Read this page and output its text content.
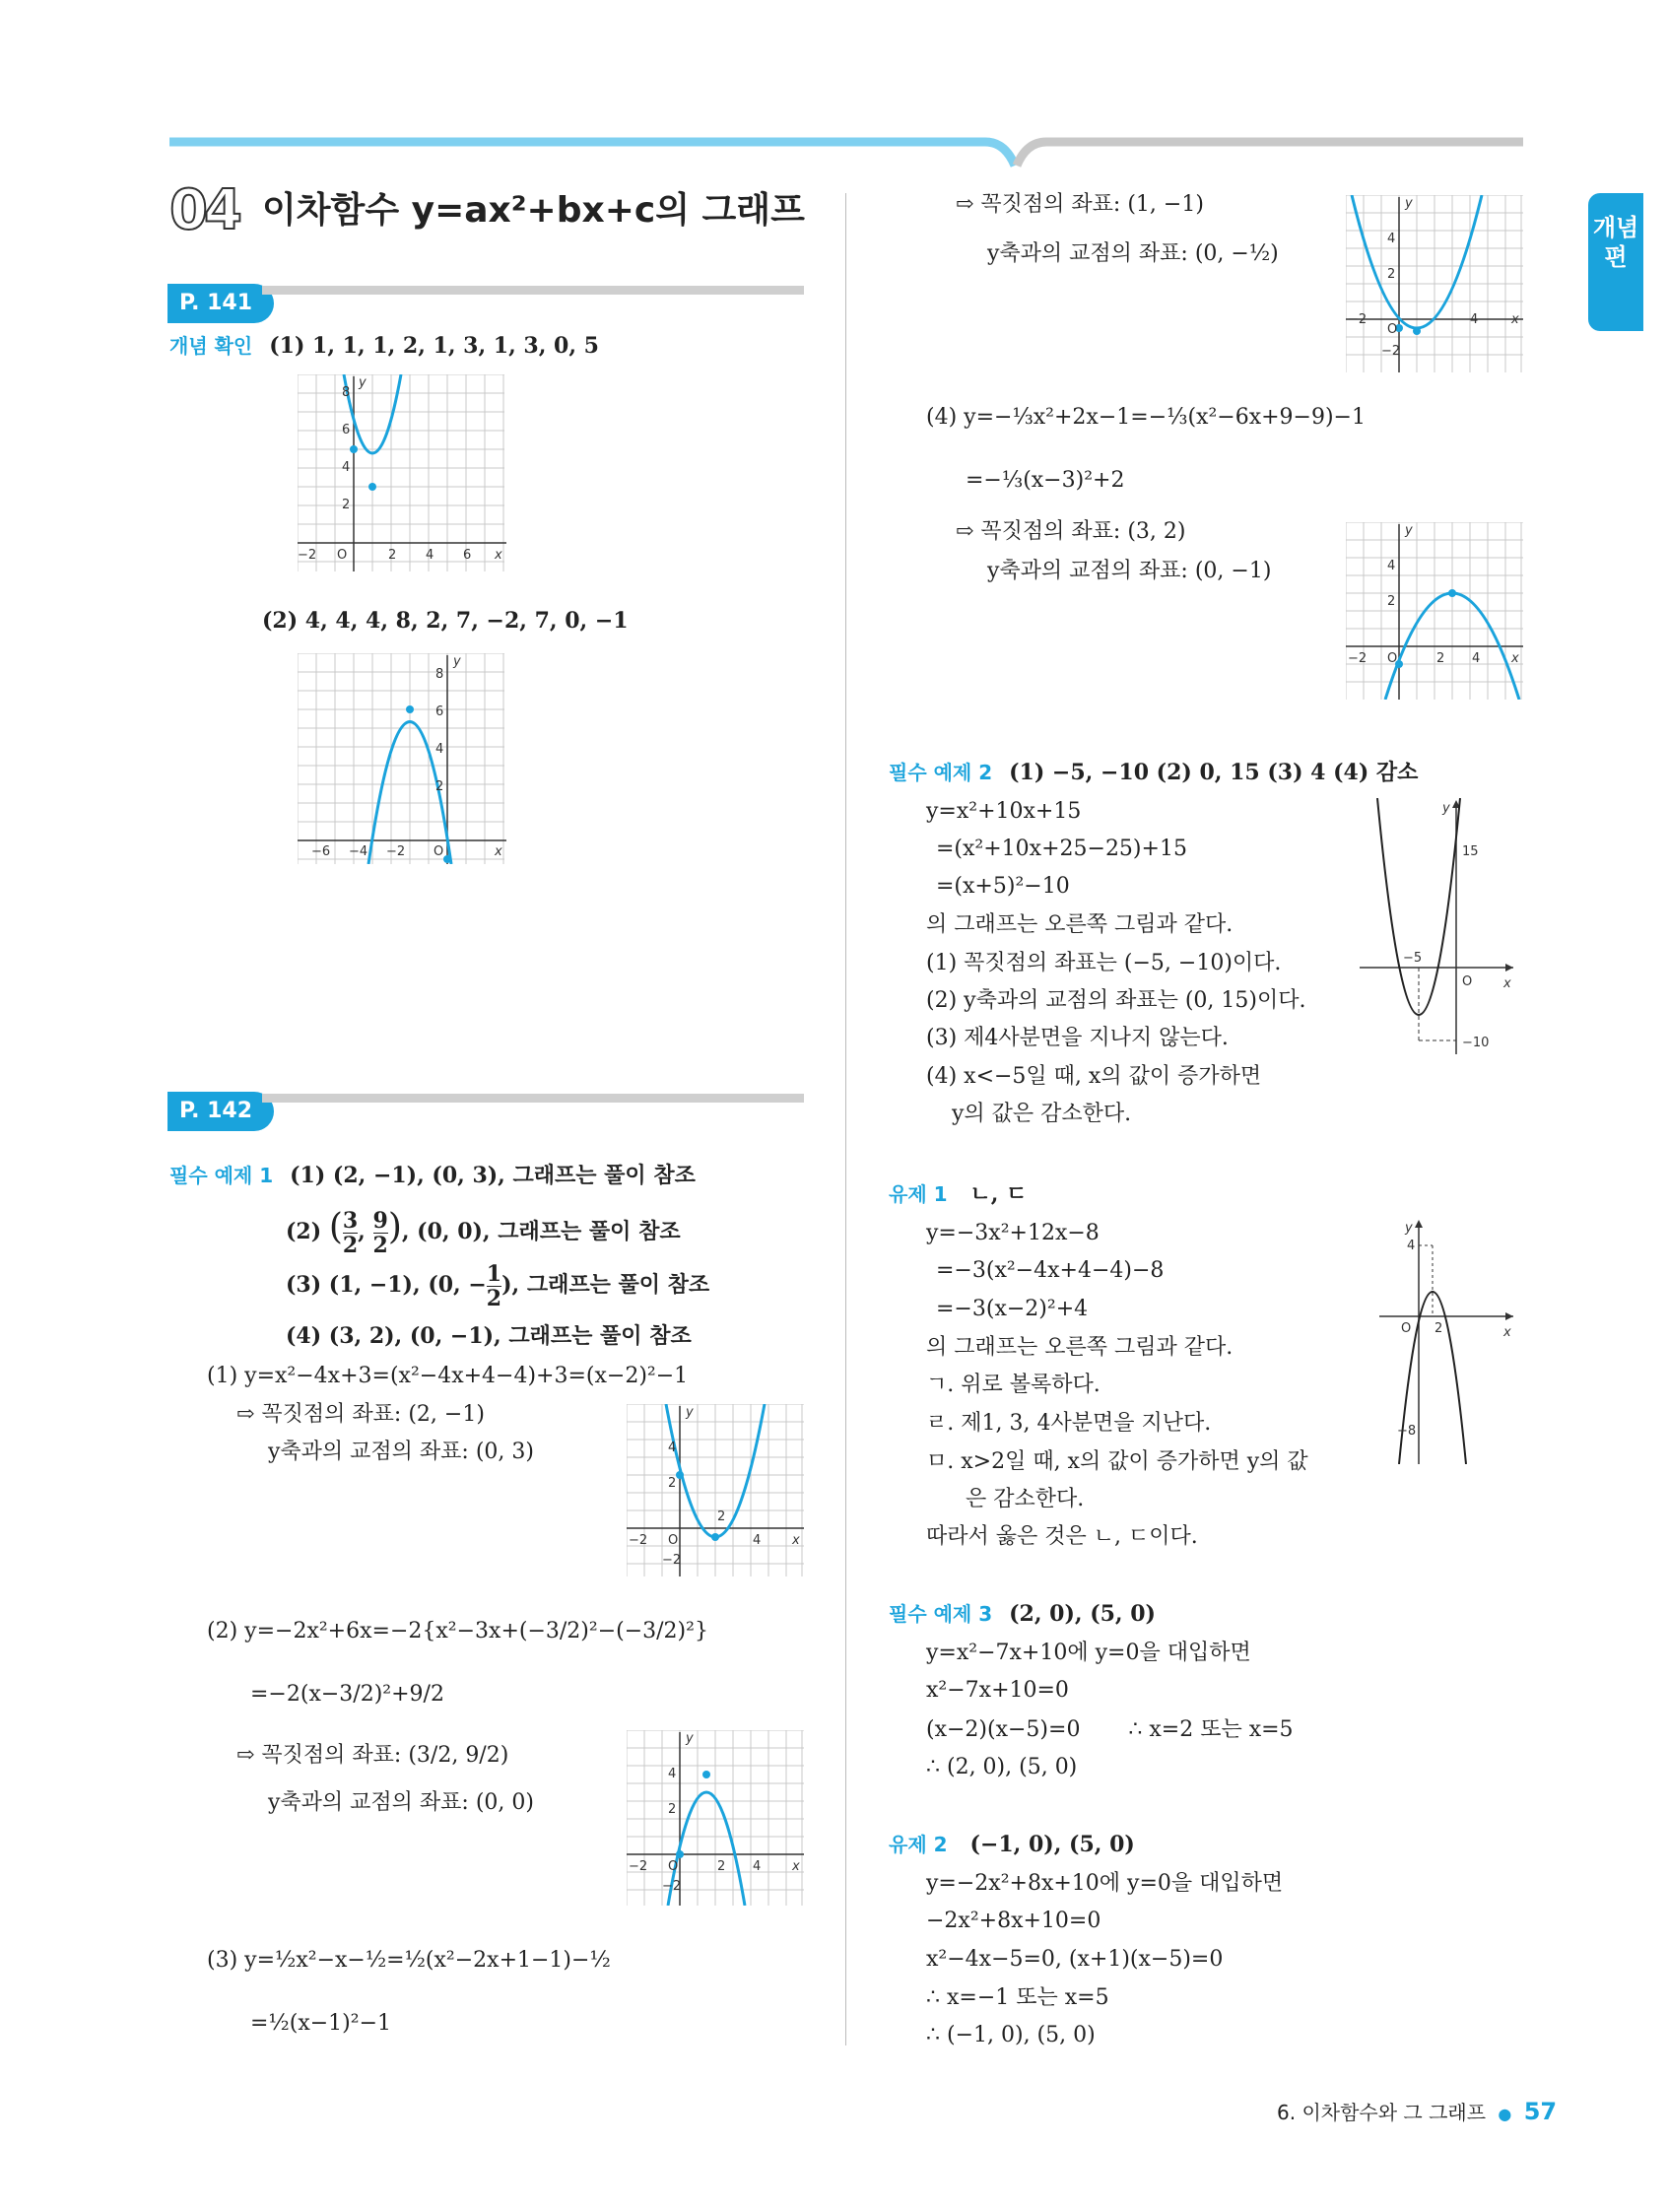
개념편
04 이차함수 y=ax²+bx+c의 그래프
P. 141
개념 확인 (1) 1, 1, 1, 2, 1, 3, 1, 3, 0, 5
8
6
4
2
−2 O	2 4 6 x
y
(2) 4, 4, 4, 8, 2, 7, −2, 7, 0, −1
8
6
4
2
−6 −4 −2 O	x
y
P. 142
필수 예제 1 (1) (2, −1), (0, 3), 그래프는 풀이 참조
(2) ( $\frac{3}{2}$ , $\frac{9}{2}$ ), (0, 0), 그래프는 풀이 참조
(3) (1, −1), (0, − $\frac{1}{2}$ ), 그래프는 풀이 참조
(4) (3, 2), (0, −1), 그래프는 풀이 참조
(1) y=x²−4x+3=(x²−4x+4−4)+3=(x−2)²−1
⇨ 꼭짓점의 좌표: (2, −1)
y축과의 교점의 좌표: (0, 3)	4
2
−2
−2 O
2
4 x
y
(2) y=−2x²+6x=−2{x²−3x+(−3/2)²−(−3/2)²}
=−2(x−3/2)²+9/2
⇨ 꼭짓점의 좌표: (3/2, 9/2)
y축과의 교점의 좌표: (0, 0)
4
2
−2
−2 O	2 4 x
y
(3) y=½x²−x−½=½(x²−2x+1−1)−½
=½(x−1)²−1
⇨ 꼭짓점의 좌표: (1, −1)
y축과의 교점의 좌표: (0, −½)
4
2
−2
−2
O
4	x
y
(4) y=−⅓x²+2x−1=−⅓(x²−6x+9−9)−1
=−⅓(x−3)²+2
⇨ 꼭짓점의 좌표: (3, 2)
y축과의 교점의 좌표: (0, −1)	4
2
−2 O	2 4 x
y
필수 예제 2 (1) −5, −10 (2) 0, 15 (3) 4 (4) 감소
y=x²+10x+15
=(x²+10x+25−25)+15
=(x+5)²−10
의 그래프는 오른쪽 그림과 같다.
(1) 꼭짓점의 좌표는 (−5, −10)이다.
(2) y축과의 교점의 좌표는 (0, 15)이다.
(3) 제4사분면을 지나지 않는다.
(4) x<−5일 때, x의 값이 증가하면
y의 값은 감소한다.
15
−5
−10
O x
y
유제 1 ㄴ, ㄷ
y=−3x²+12x−8
=−3(x²−4x+4−4)−8
=−3(x−2)²+4
의 그래프는 오른쪽 그림과 같다.
ㄱ. 위로 볼록하다.
ㄹ. 제1, 3, 4사분면을 지난다.
ㅁ. x>2일 때, x의 값이 증가하면 y의 값
은 감소한다.
따라서 옳은 것은 ㄴ, ㄷ이다.
4
O 2
−8
x
y
필수 예제 3 (2, 0), (5, 0)
y=x²−7x+10에 y=0을 대입하면
x²−7x+10=0
(x−2)(x−5)=0       ∴ x=2 또는 x=5
∴ (2, 0), (5, 0)
유제 2 (−1, 0), (5, 0)
y=−2x²+8x+10에 y=0을 대입하면
−2x²+8x+10=0
x²−4x−5=0, (x+1)(x−5)=0
∴ x=−1 또는 x=5
∴ (−1, 0), (5, 0)
6. 이차함수와 그 그래프 ● 57
